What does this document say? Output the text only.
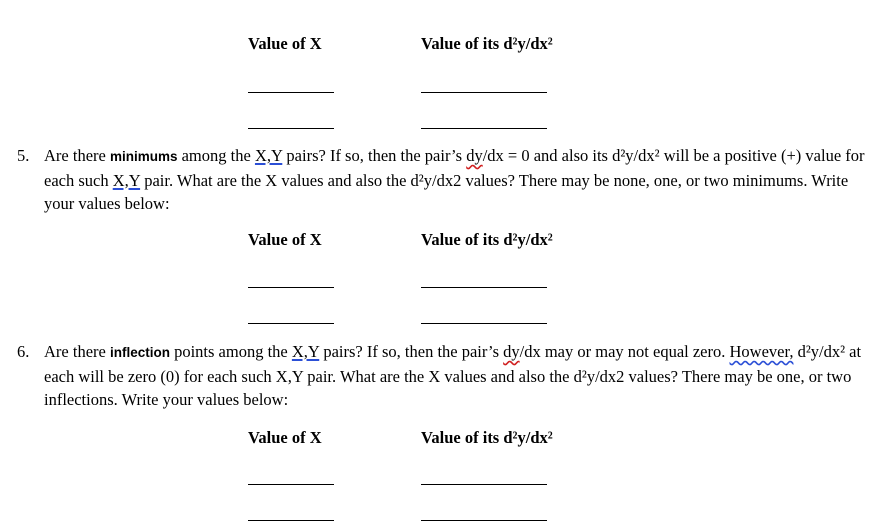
Value of X	Value of its d²y/dx²
5. Are there minimums among the X,Y pairs? If so, then the pair’s dy/dx = 0 and also its d²y/dx² will be a positive (+) value for each such X,Y pair. What are the X values and also the d²y/dx2 values? There may be none, one, or two minimums. Write your values below:
Value of X	Value of its d²y/dx²
6. Are there inflection points among the X,Y pairs? If so, then the pair’s dy/dx may or may not equal zero. However, d²y/dx² at each will be zero (0) for each such X,Y pair. What are the X values and also the d²y/dx2 values? There may be one, or two inflections. Write your values below:
Value of X	Value of its d²y/dx²
